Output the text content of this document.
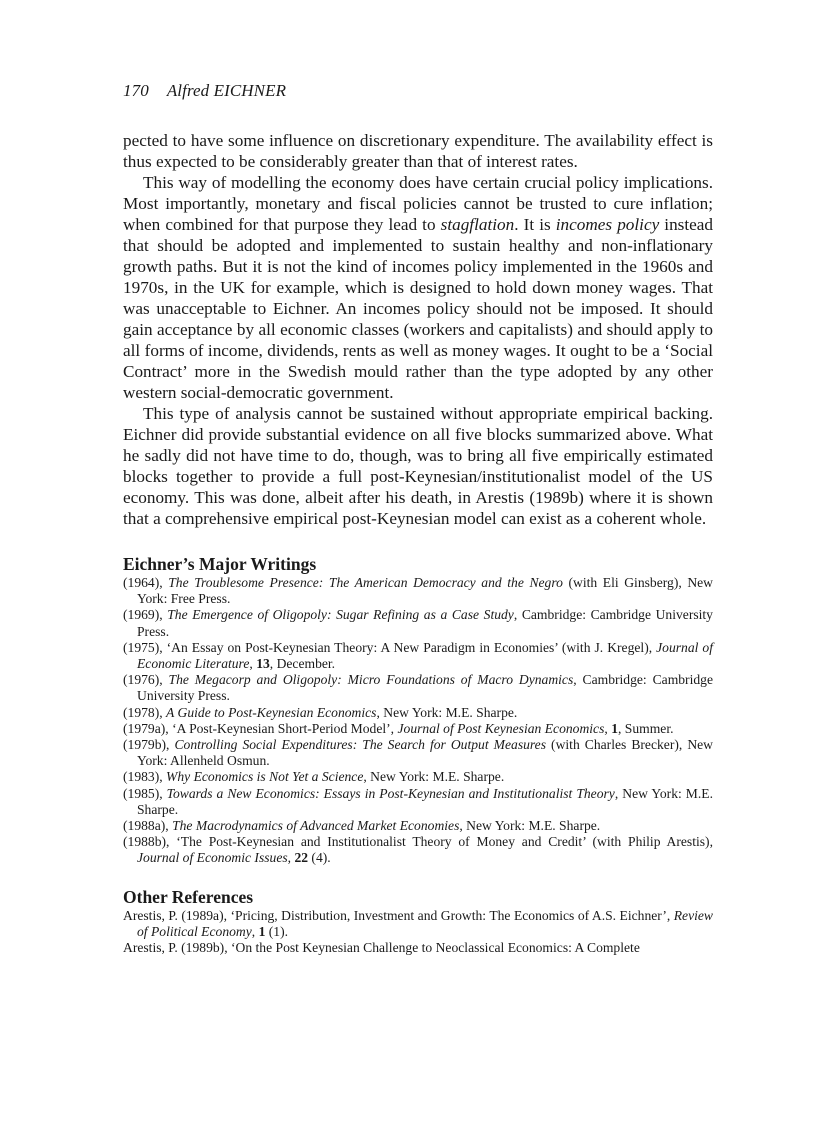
170 Alfred EICHNER

pected to have some influence on discretionary expenditure. The availability effect is thus expected to be considerably greater than that of interest rates.

This way of modelling the economy does have certain crucial policy implications. Most importantly, monetary and fiscal policies cannot be trusted to cure inflation; when combined for that purpose they lead to stagflation. It is incomes policy instead that should be adopted and implemented to sustain healthy and non-inflationary growth paths. But it is not the kind of incomes policy implemented in the 1960s and 1970s, in the UK for example, which is designed to hold down money wages. That was unacceptable to Eichner. An incomes policy should not be imposed. It should gain acceptance by all economic classes (workers and capitalists) and should apply to all forms of income, dividends, rents as well as money wages. It ought to be a ‘Social Contract’ more in the Swedish mould rather than the type adopted by any other western social-democratic government.

This type of analysis cannot be sustained without appropriate empirical backing. Eichner did provide substantial evidence on all five blocks summarized above. What he sadly did not have time to do, though, was to bring all five empirically estimated blocks together to provide a full post-Keynesian/​institutionalist model of the US economy. This was done, albeit after his death, in Arestis (1989b) where it is shown that a comprehensive empirical post-Keynesian model can exist as a coherent whole.

Eichner’s Major Writings
(1964), The Troublesome Presence: The American Democracy and the Negro (with Eli Ginsberg), New York: Free Press.
(1969), The Emergence of Oligopoly: Sugar Refining as a Case Study, Cambridge: Cambridge University Press.
(1975), ‘An Essay on Post-Keynesian Theory: A New Paradigm in Economies’ (with J. Kregel), Journal of Economic Literature, 13, December.
(1976), The Megacorp and Oligopoly: Micro Foundations of Macro Dynamics, Cambridge: Cambridge University Press.
(1978), A Guide to Post-Keynesian Economics, New York: M.E. Sharpe.
(1979a), ‘A Post-Keynesian Short-Period Model’, Journal of Post Keynesian Economics, 1, Summer.
(1979b), Controlling Social Expenditures: The Search for Output Measures (with Charles Brecker), New York: Allenheld Osmun.
(1983), Why Economics is Not Yet a Science, New York: M.E. Sharpe.
(1985), Towards a New Economics: Essays in Post-Keynesian and Institutionalist Theory, New York: M.E. Sharpe.
(1988a), The Macrodynamics of Advanced Market Economies, New York: M.E. Sharpe.
(1988b), ‘The Post-Keynesian and Institutionalist Theory of Money and Credit’ (with Philip Arestis), Journal of Economic Issues, 22 (4).
Other References
Arestis, P. (1989a), ‘Pricing, Distribution, Investment and Growth: The Economics of A.S. Eichner’, Review of Political Economy, 1 (1).
Arestis, P. (1989b), ‘On the Post Keynesian Challenge to Neoclassical Economics: A Complete
